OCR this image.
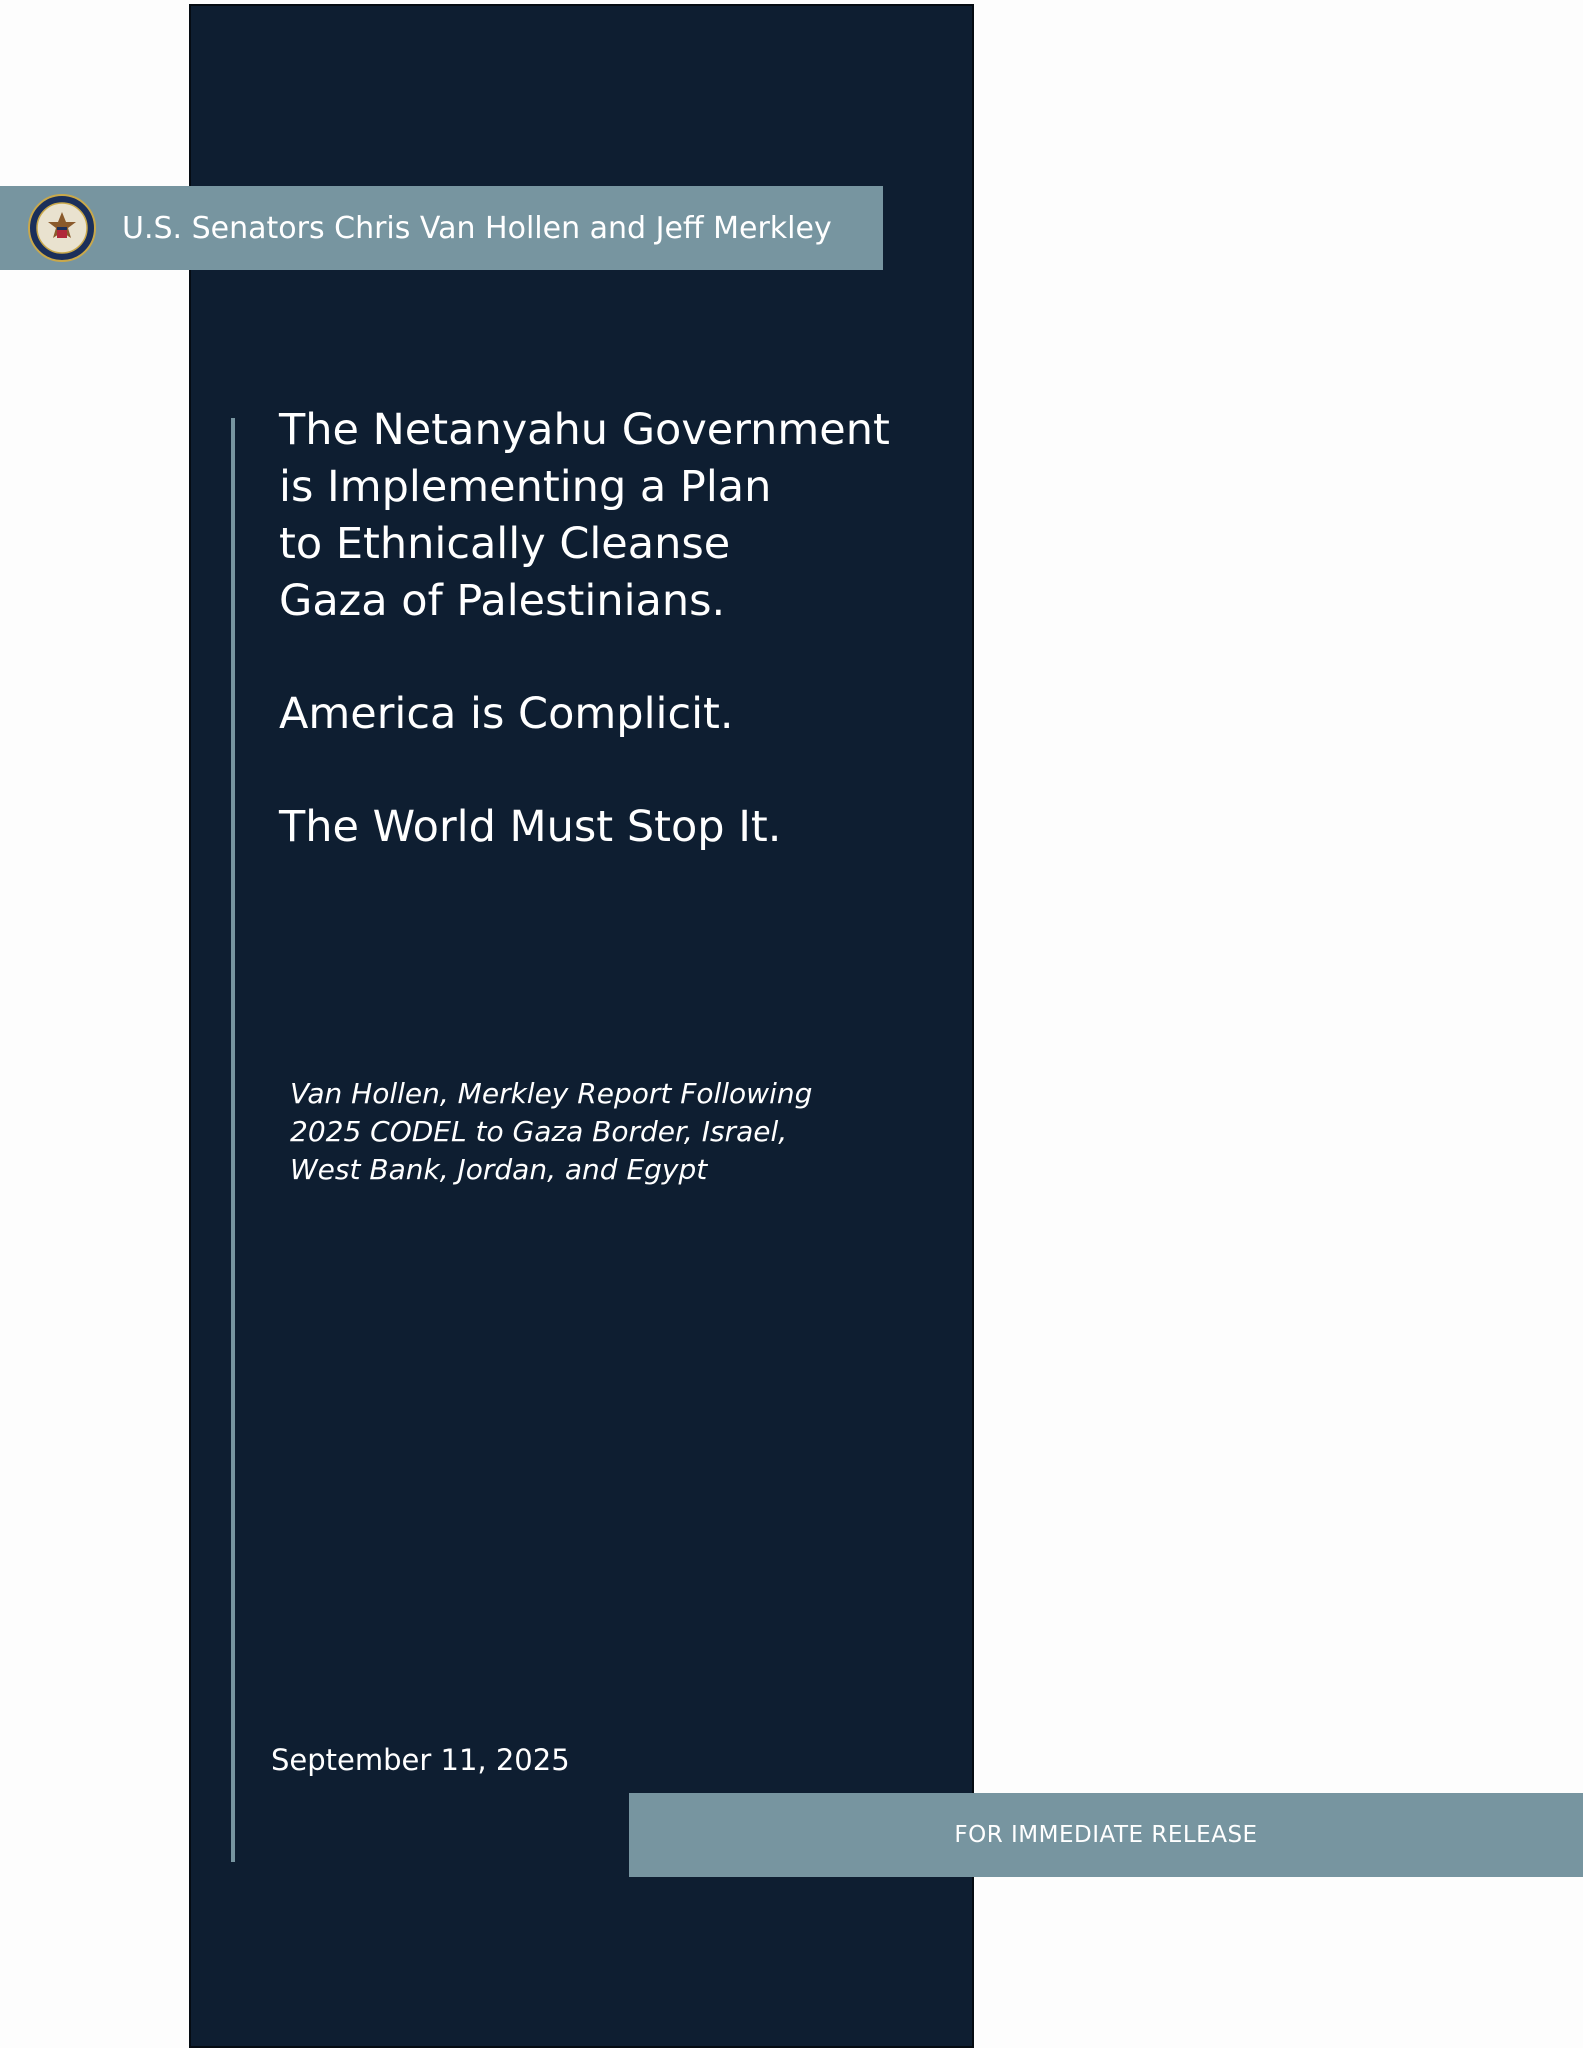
U.S. Senators Chris Van Hollen and Jeff Merkley
The Netanyahu Government
is Implementing a Plan
to Ethnically Cleanse
Gaza of Palestinians.
America is Complicit.
The World Must Stop It.
Van Hollen, Merkley Report Following
2025 CODEL to Gaza Border, Israel,
West Bank, Jordan, and Egypt
September 11, 2025
FOR IMMEDIATE RELEASE
